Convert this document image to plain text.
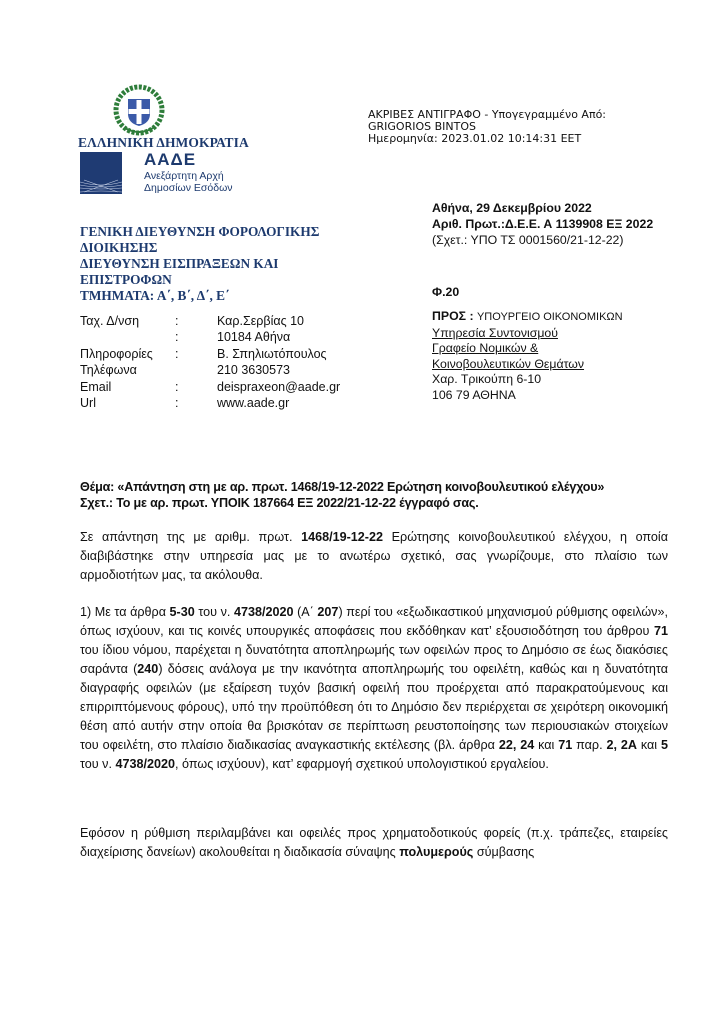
ΕΛΛΗΝΙΚΗ ΔΗΜΟΚΡΑΤΙΑ
ΑΑΔΕ
Ανεξάρτητη Αρχή
Δημοσίων Εσόδων
ΑΚΡΙΒΕΣ ΑΝΤΙΓΡΑΦΟ - Υπογεγραμμένο Από:
GRIGORIOS BINTOS
Ημερομηνία: 2023.01.02 10:14:31 EET
ΓΕΝΙΚΗ ΔΙΕΥΘΥΝΣΗ ΦΟΡΟΛΟΓΙΚΗΣ ΔΙΟΙΚΗΣΗΣ
ΔΙΕΥΘΥΝΣΗ ΕΙΣΠΡΑΞΕΩΝ ΚΑΙ ΕΠΙΣΤΡΟΦΩΝ
ΤΜΗΜΑΤΑ: Α΄, Β΄, Δ΄, Ε΄
Ταχ. Δ/νση	:	Καρ.Σερβίας 10
	:	10184 Αθήνα
Πληροφορίες	:	Β. Σπηλιωτόπουλος
Τηλέφωνα		210 3630573
Email	:	deispraxeon@aade.gr
Url	:	www.aade.gr
Αθήνα, 29 Δεκεμβρίου 2022
Αριθ. Πρωτ.:Δ.Ε.Ε. Α 1139908 ΕΞ 2022
(Σχετ.: ΥΠΟ ΤΣ 0001560/21-12-22)
Φ.20
ΠΡΟΣ : ΥΠΟΥΡΓΕΙΟ ΟΙΚΟΝΟΜΙΚΩΝ
Υπηρεσία Συντονισμού
Γραφείο Νομικών &
Κοινοβουλευτικών Θεμάτων
Χαρ. Τρικούπη 6-10
106 79 ΑΘΗΝΑ
Θέμα: «Απάντηση στη με αρ. πρωτ. 1468/19-12-2022 Ερώτηση κοινοβουλευτικού ελέγχου»
Σχετ.: Το με αρ. πρωτ. ΥΠΟΙΚ 187664 ΕΞ 2022/21-12-22 έγγραφό σας.
Σε απάντηση της με αριθμ. πρωτ. 1468/19-12-22 Ερώτησης κοινοβουλευτικού ελέγχου, η οποία διαβιβάστηκε στην υπηρεσία μας με το ανωτέρω σχετικό, σας γνωρίζουμε, στο πλαίσιο των αρμοδιοτήτων μας, τα ακόλουθα.
1) Με τα άρθρα 5-30 του ν. 4738/2020 (Α΄ 207) περί του «εξωδικαστικού μηχανισμού ρύθμισης οφειλών», όπως ισχύουν, και τις κοινές υπουργικές αποφάσεις που εκδόθηκαν κατ’ εξουσιοδότηση του άρθρου 71 του ίδιου νόμου, παρέχεται η δυνατότητα αποπληρωμής των οφειλών προς το Δημόσιο σε έως διακόσιες σαράντα (240) δόσεις ανάλογα με την ικανότητα αποπληρωμής του οφειλέτη, καθώς και η δυνατότητα διαγραφής οφειλών (με εξαίρεση τυχόν βασική οφειλή που προέρχεται από παρακρατούμενους και επιρριπτόμενους φόρους), υπό την προϋπόθεση ότι το Δημόσιο δεν περιέρχεται σε χειρότερη οικονομική θέση από αυτήν στην οποία θα βρισκόταν σε περίπτωση ρευστοποίησης των περιουσιακών στοιχείων του οφειλέτη, στο πλαίσιο διαδικασίας αναγκαστικής εκτέλεσης (βλ. άρθρα 22, 24 και 71 παρ. 2, 2Α και 5 του ν. 4738/2020, όπως ισχύουν), κατ’ εφαρμογή σχετικού υπολογιστικού εργαλείου.
Εφόσον η ρύθμιση περιλαμβάνει και οφειλές προς χρηματοδοτικούς φορείς (π.χ. τράπεζες, εταιρείες διαχείρισης δανείων) ακολουθείται η διαδικασία σύναψης πολυμερούς σύμβασης
